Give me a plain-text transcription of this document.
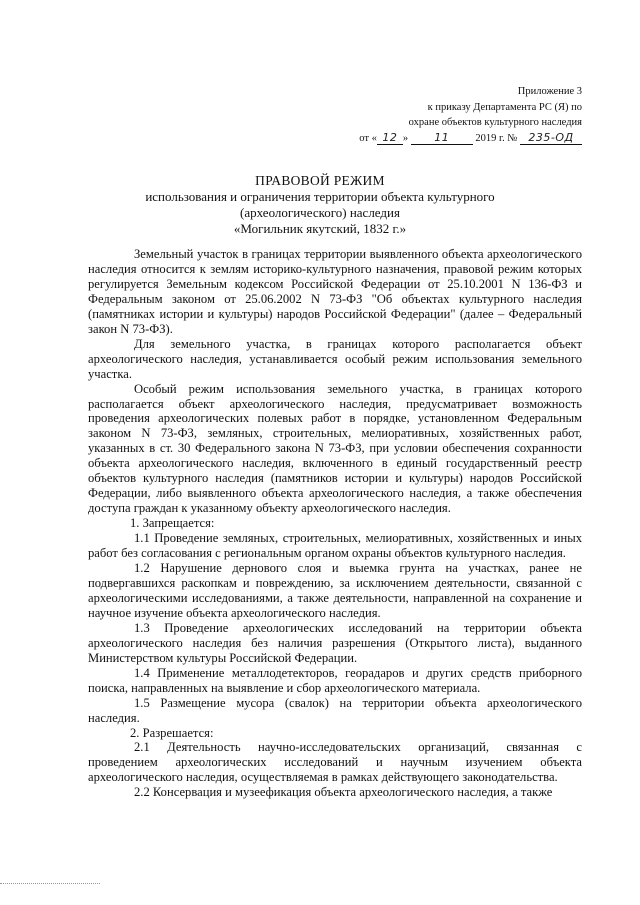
Приложение 3
к приказу Департамента РС (Я) по
охране объектов культурного наследия
от « 12 » 11 2019 г. № 235-ОД
ПРАВОВОЙ РЕЖИМ
использования и ограничения территории объекта культурного
(археологического) наследия
«Могильник якутский, 1832 г.»

Земельный участок в границах территории выявленного объекта археологического наследия относится к землям историко-культурного назначения, правовой режим которых регулируется Земельным кодексом Российской Федерации от 25.10.2001 N 136-ФЗ и Федеральным законом от 25.06.2002 N 73-ФЗ "Об объектах культурного наследия (памятниках истории и культуры) народов Российской Федерации" (далее – Федеральный закон N 73-ФЗ).

Для земельного участка, в границах которого располагается объект археологического наследия, устанавливается особый режим использования земельного участка.

Особый режим использования земельного участка, в границах которого располагается объект археологического наследия, предусматривает возможность проведения археологических полевых работ в порядке, установленном Федеральным законом N 73-ФЗ, земляных, строительных, мелиоративных, хозяйственных работ, указанных в ст. 30 Федерального закона N 73-ФЗ, при условии обеспечения сохранности объекта археологического наследия, включенного в единый государственный реестр объектов культурного наследия (памятников истории и культуры) народов Российской Федерации, либо выявленного объекта археологического наследия, а также обеспечения доступа граждан к указанному объекту археологического наследия.

1. Запрещается:

1.1 Проведение земляных, строительных, мелиоративных, хозяйственных и иных работ без согласования с региональным органом охраны объектов культурного наследия.

1.2 Нарушение дернового слоя и выемка грунта на участках, ранее не подвергавшихся раскопкам и повреждению, за исключением деятельности, связанной с археологическими исследованиями, а также деятельности, направленной на сохранение и научное изучение объекта археологического наследия.

1.3 Проведение археологических исследований на территории объекта археологического наследия без наличия разрешения (Открытого листа), выданного Министерством культуры Российской Федерации.

1.4 Применение металлодетекторов, георадаров и других средств приборного поиска, направленных на выявление и сбор археологического материала.

1.5 Размещение мусора (свалок) на территории объекта археологического наследия.

2. Разрешается:

2.1 Деятельность научно-исследовательских организаций, связанная с проведением археологических исследований и научным изучением объекта археологического наследия, осуществляемая в рамках действующего законодательства.

2.2 Консервация и музеефикация объекта археологического наследия, а также
